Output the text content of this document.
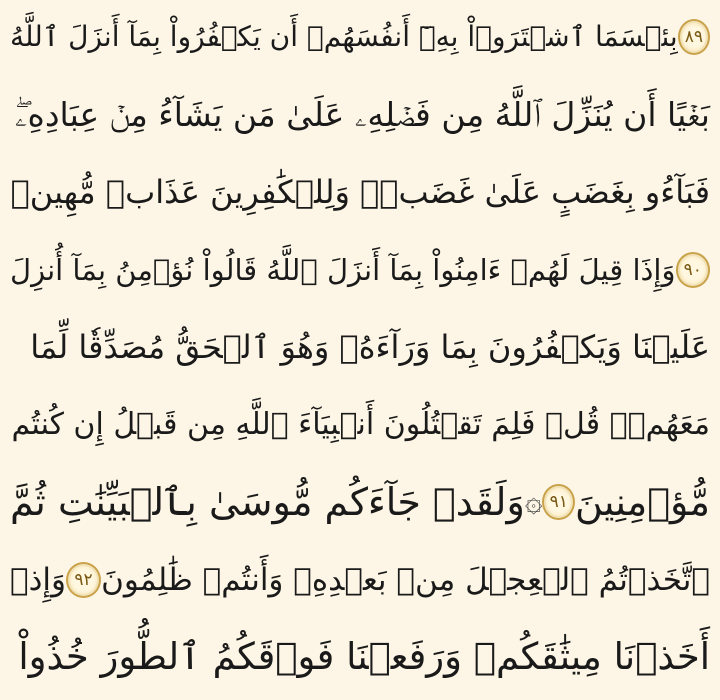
٨٩
بِئۡسَمَا ٱشۡتَرَوۡاْ بِهِۦٓ أَنفُسَهُمۡ أَن يَكۡفُرُواْ بِمَآ أَنزَلَ ٱللَّهُ
بَغۡيًا أَن يُنَزِّلَ ٱللَّهُ مِن فَضۡلِهِۦ عَلَىٰ مَن يَشَآءُ مِنۡ عِبَادِهِۦۖ
فَبَآءُو بِغَضَبٍ عَلَىٰ غَضَبٖۚ وَلِلۡكَٰفِرِينَ عَذَابٞ مُّهِينٞ
٩٠
وَإِذَا قِيلَ لَهُمۡ ءَامِنُواْ بِمَآ أَنزَلَ ٱللَّهُ قَالُواْ نُؤۡمِنُ بِمَآ أُنزِلَ
عَلَيۡنَا وَيَكۡفُرُونَ بِمَا وَرَآءَهُۥ وَهُوَ ٱلۡحَقُّ مُصَدِّقٗا لِّمَا
مَعَهُمۡۗ قُلۡ فَلِمَ تَقۡتُلُونَ أَنۢبِيَآءَ ٱللَّهِ مِن قَبۡلُ إِن كُنتُم
مُّؤۡمِنِينَ
٩١
۞
وَلَقَدۡ جَآءَكُم مُّوسَىٰ بِٱلۡبَيِّنَٰتِ ثُمَّ
ٱتَّخَذۡتُمُ ٱلۡعِجۡلَ مِنۢ بَعۡدِهِۦ وَأَنتُمۡ ظَٰلِمُونَ
٩٢
وَإِذۡ
أَخَذۡنَا مِيثَٰقَكُمۡ وَرَفَعۡنَا فَوۡقَكُمُ ٱلطُّورَ خُذُواْ
